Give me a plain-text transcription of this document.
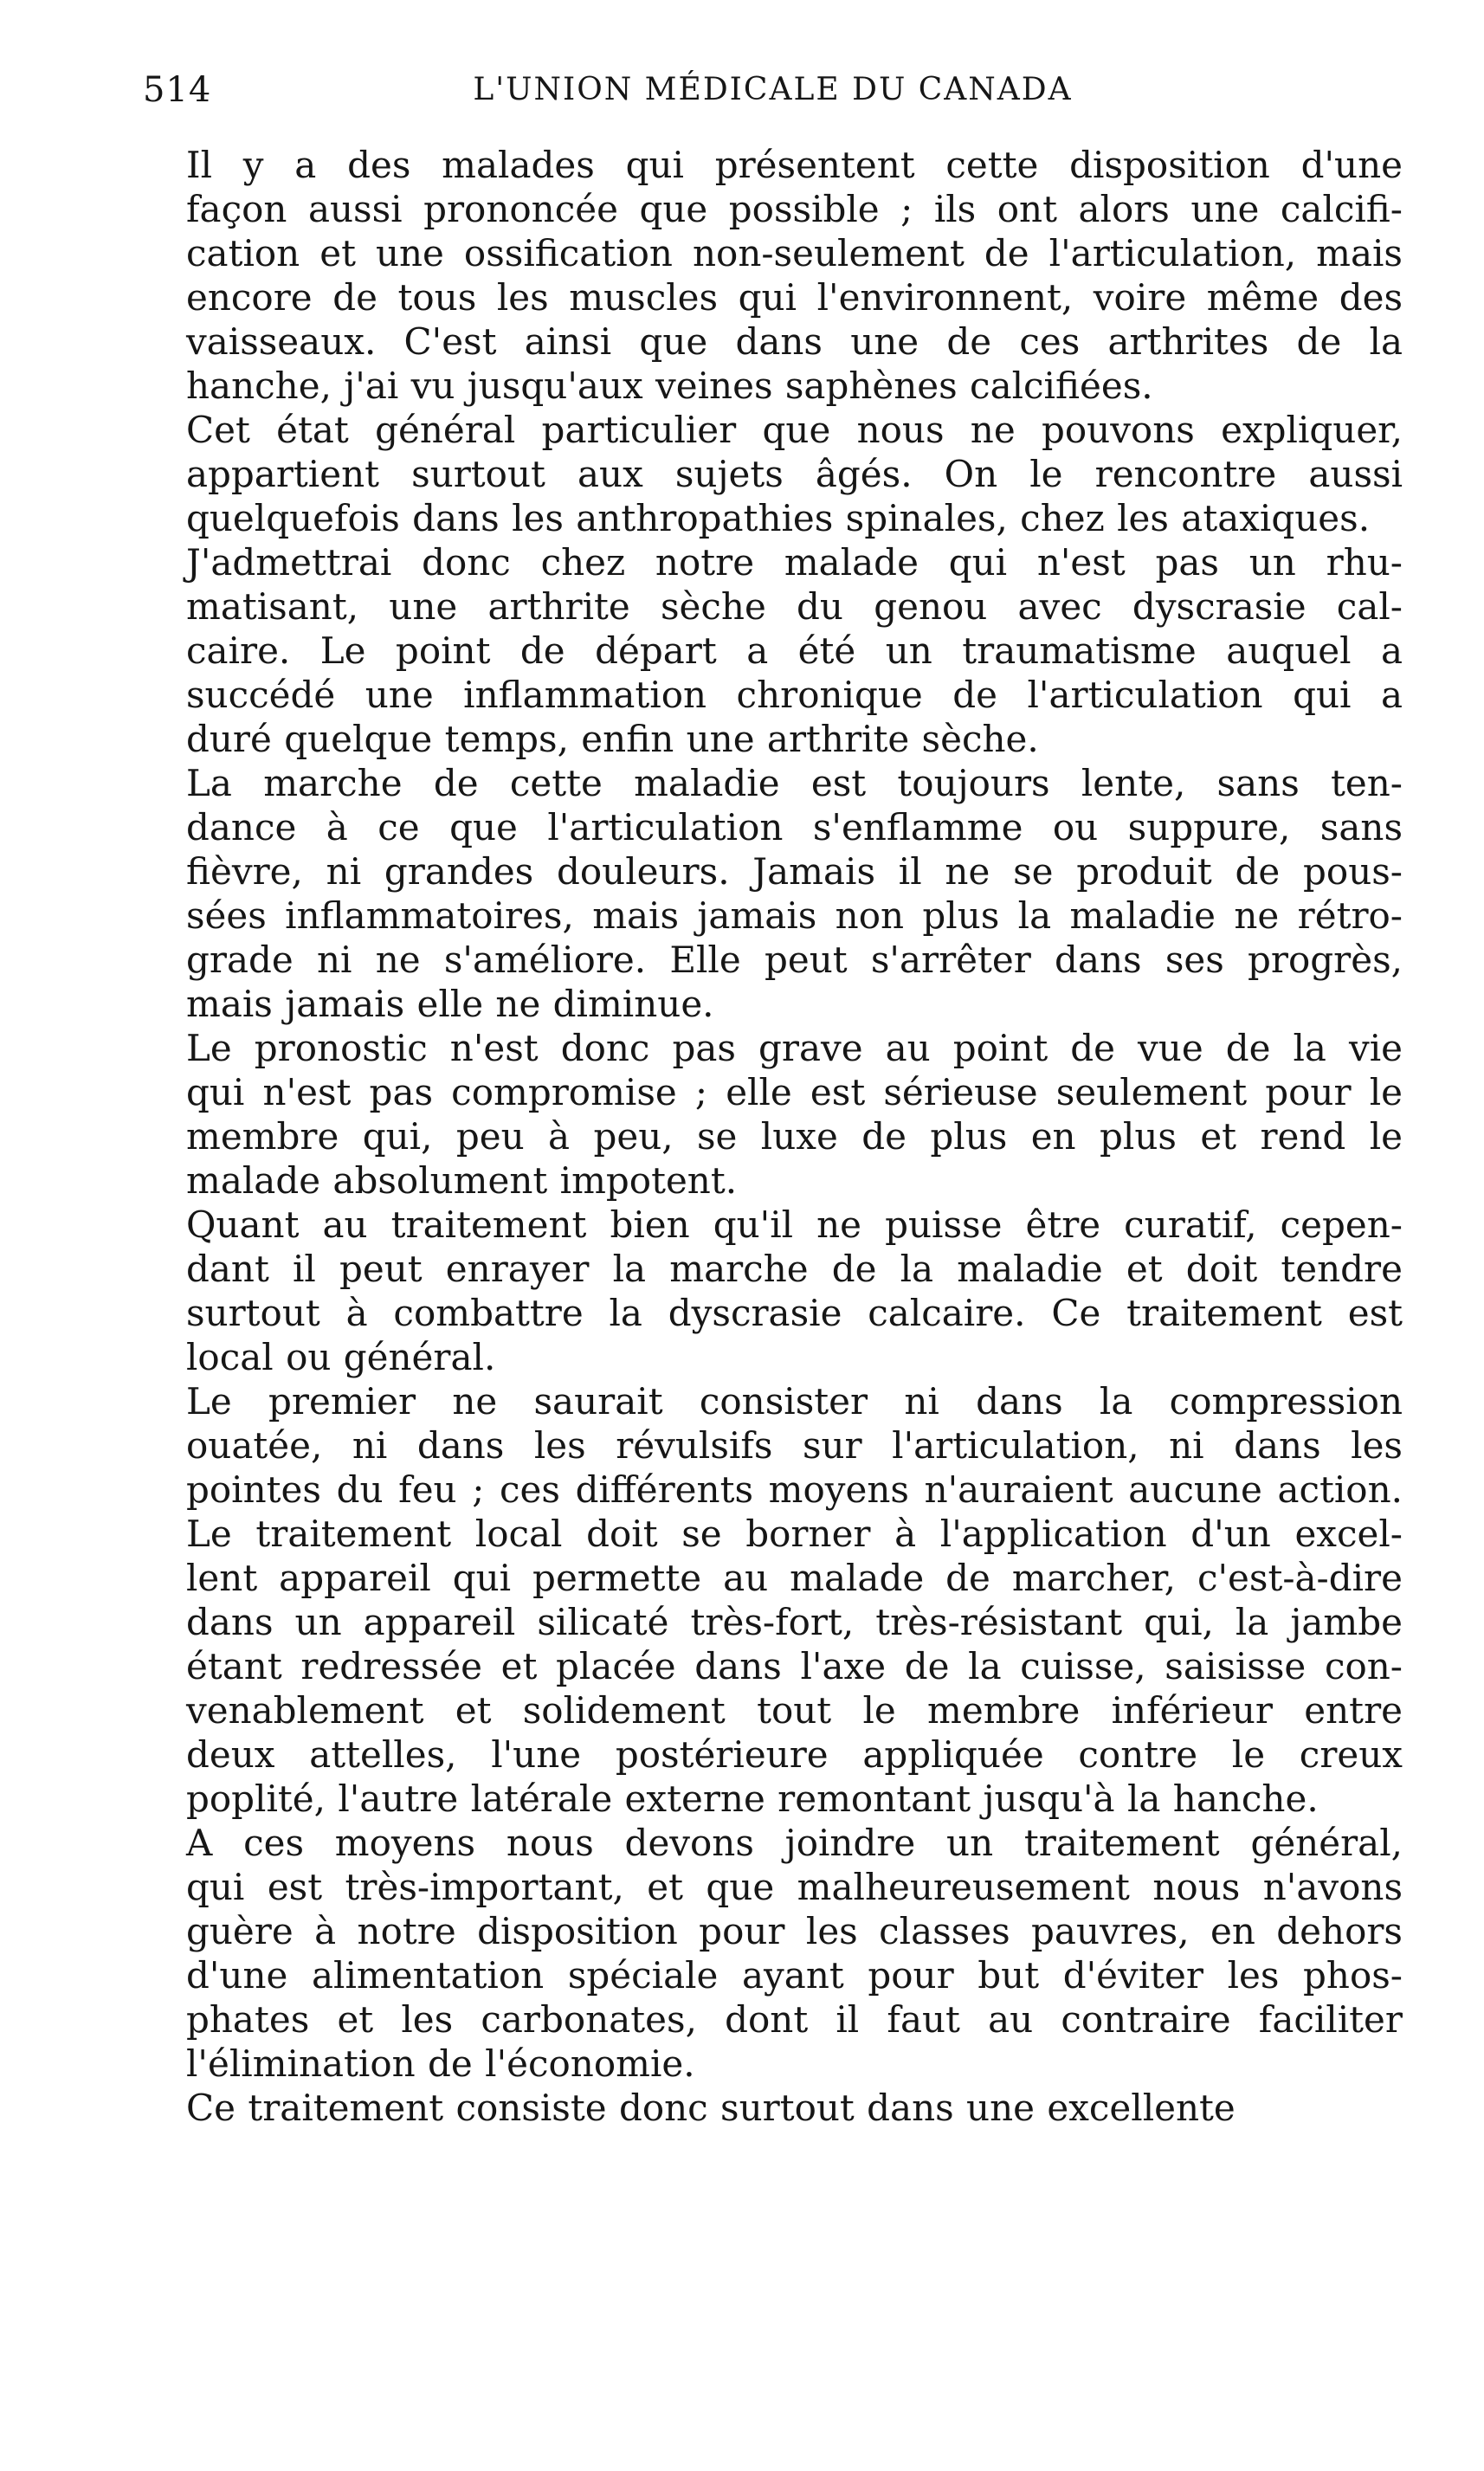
514	L'UNION MÉDICALE DU CANADA

Il y a des malades qui présentent cette disposition d'une
façon aussi prononcée que possible ; ils ont alors une calcifi-
cation et une ossification non-seulement de l'articulation, mais
encore de tous les muscles qui l'environnent, voire même des
vaisseaux. C'est ainsi que dans une de ces arthrites de la
hanche, j'ai vu jusqu'aux veines saphènes calcifiées.

Cet état général particulier que nous ne pouvons expliquer,
appartient surtout aux sujets âgés. On le rencontre aussi
quelquefois dans les anthropathies spinales, chez les ataxiques.

J'admettrai donc chez notre malade qui n'est pas un rhu-
matisant, une arthrite sèche du genou avec dyscrasie cal-
caire. Le point de départ a été un traumatisme auquel a
succédé une inflammation chronique de l'articulation qui a
duré quelque temps, enfin une arthrite sèche.

La marche de cette maladie est toujours lente, sans ten-
dance à ce que l'articulation s'enflamme ou suppure, sans
fièvre, ni grandes douleurs. Jamais il ne se produit de pous-
sées inflammatoires, mais jamais non plus la maladie ne rétro-
grade ni ne s'améliore. Elle peut s'arrêter dans ses progrès,
mais jamais elle ne diminue.

Le pronostic n'est donc pas grave au point de vue de la vie
qui n'est pas compromise ; elle est sérieuse seulement pour le
membre qui, peu à peu, se luxe de plus en plus et rend le
malade absolument impotent.

Quant au traitement bien qu'il ne puisse être curatif, cepen-
dant il peut enrayer la marche de la maladie et doit tendre
surtout à combattre la dyscrasie calcaire. Ce traitement est
local ou général.

Le premier ne saurait consister ni dans la compression
ouatée, ni dans les révulsifs sur l'articulation, ni dans les
pointes du feu ; ces différents moyens n'auraient aucune action.
Le traitement local doit se borner à l'application d'un excel-
lent appareil qui permette au malade de marcher, c'est-à-dire
dans un appareil silicaté très-fort, très-résistant qui, la jambe
étant redressée et placée dans l'axe de la cuisse, saisisse con-
venablement et solidement tout le membre inférieur entre
deux attelles, l'une postérieure appliquée contre le creux
poplité, l'autre latérale externe remontant jusqu'à la hanche.

A ces moyens nous devons joindre un traitement général,
qui est très-important, et que malheureusement nous n'avons
guère à notre disposition pour les classes pauvres, en dehors
d'une alimentation spéciale ayant pour but d'éviter les phos-
phates et les carbonates, dont il faut au contraire faciliter
l'élimination de l'économie.

Ce traitement consiste donc surtout dans une excellente
